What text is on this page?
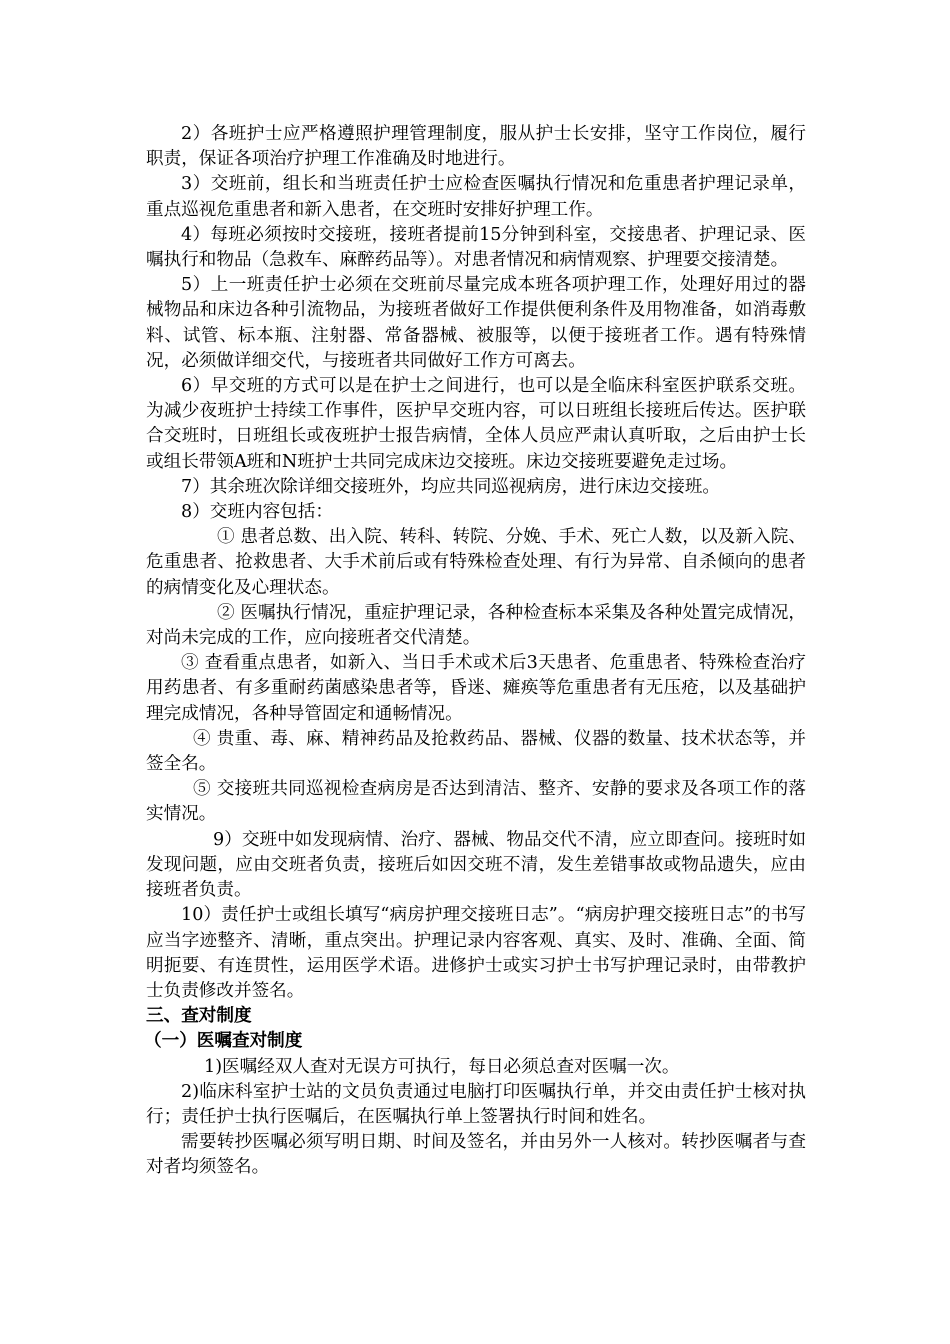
2）各班护士应严格遵照护理管理制度，服从护士长安排，坚守工作岗位，履行职责，保证各项治疗护理工作准确及时地进行。

3）交班前，组长和当班责任护士应检查医嘱执行情况和危重患者护理记录单，重点巡视危重患者和新入患者，在交班时安排好护理工作。

4）每班必须按时交接班，接班者提前15分钟到科室，交接患者、护理记录、医嘱执行和物品（急救车、麻醉药品等）。对患者情况和病情观察、护理要交接清楚。

5）上一班责任护士必须在交班前尽量完成本班各项护理工作，处理好用过的器械物品和床边各种引流物品，为接班者做好工作提供便利条件及用物准备，如消毒敷料、试管、标本瓶、注射器、常备器械、被服等，以便于接班者工作。遇有特殊情况，必须做详细交代，与接班者共同做好工作方可离去。

6）早交班的方式可以是在护士之间进行，也可以是全临床科室医护联系交班。为减少夜班护士持续工作事件，医护早交班内容，可以日班组长接班后传达。医护联合交班时，日班组长或夜班护士报告病情，全体人员应严肃认真听取，之后由护士长或组长带领A班和N班护士共同完成床边交接班。床边交接班要避免走过场。

7）其余班次除详细交接班外，均应共同巡视病房，进行床边交接班。

8）交班内容包括：

① 患者总数、出入院、转科、转院、分娩、手术、死亡人数，以及新入院、危重患者、抢救患者、大手术前后或有特殊检查处理、有行为异常、自杀倾向的患者的病情变化及心理状态。

② 医嘱执行情况，重症护理记录，各种检查标本采集及各种处置完成情况，对尚未完成的工作，应向接班者交代清楚。

③ 查看重点患者，如新入、当日手术或术后3天患者、危重患者、特殊检查治疗用药患者、有多重耐药菌感染患者等，昏迷、瘫痪等危重患者有无压疮，以及基础护理完成情况，各种导管固定和通畅情况。

④ 贵重、毒、麻、精神药品及抢救药品、器械、仪器的数量、技术状态等，并签全名。

⑤ 交接班共同巡视检查病房是否达到清洁、整齐、安静的要求及各项工作的落实情况。

9）交班中如发现病情、治疗、器械、物品交代不清，应立即查问。接班时如发现问题，应由交班者负责，接班后如因交班不清，发生差错事故或物品遗失，应由接班者负责。

10）责任护士或组长填写“病房护理交接班日志”。“病房护理交接班日志”的书写应当字迹整齐、清晰，重点突出。护理记录内容客观、真实、及时、准确、全面、简明扼要、有连贯性，运用医学术语。进修护士或实习护士书写护理记录时，由带教护士负责修改并签名。

三、查对制度

（一）医嘱查对制度

1)医嘱经双人查对无误方可执行，每日必须总查对医嘱一次。

2)临床科室护士站的文员负责通过电脑打印医嘱执行单，并交由责任护士核对执行；责任护士执行医嘱后，在医嘱执行单上签署执行时间和姓名。

需要转抄医嘱必须写明日期、时间及签名，并由另外一人核对。转抄医嘱者与查对者均须签名。
